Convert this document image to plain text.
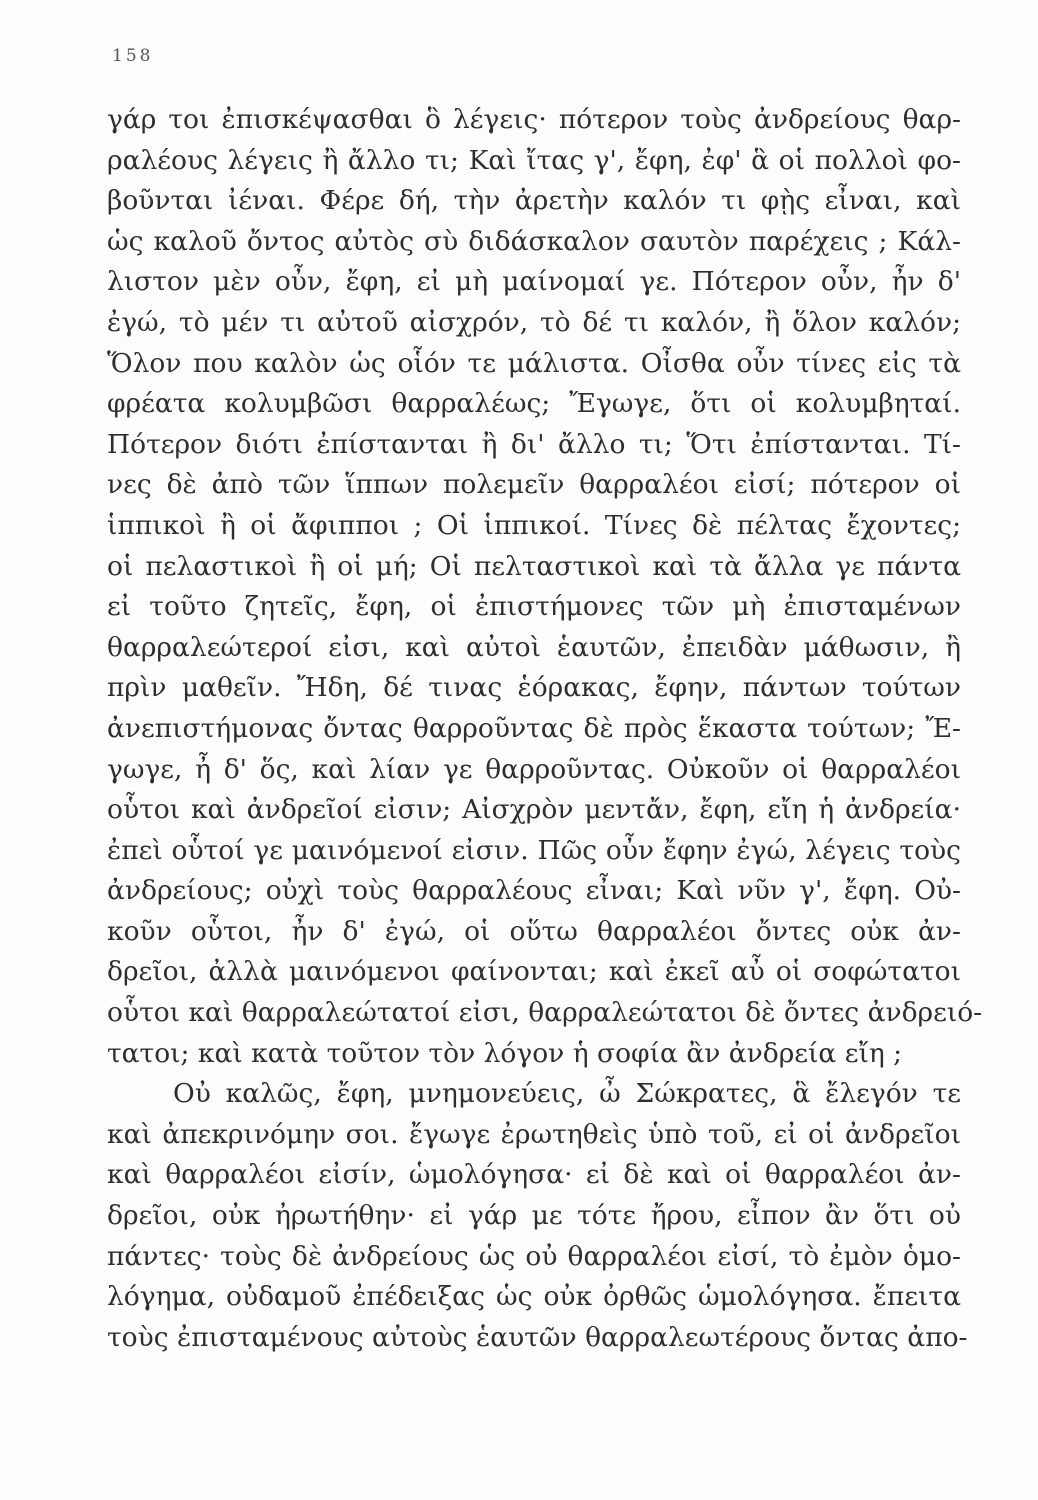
158
γάρ τοι ἐπισκέψασθαι ὃ λέγεις· πότερον τοὺς ἀνδρείους θαρ-
ραλέους λέγεις ἢ ἄλλο τι; Καὶ ἴτας γ', ἔφη, ἐφ' ἃ οἱ πολλοὶ φο-
βοῦνται ἰέναι. Φέρε δή, τὴν ἀρετὴν καλόν τι φῂς εἶναι, καὶ
ὡς καλοῦ ὄντος αὐτὸς σὺ διδάσκαλον σαυτὸν παρέχεις ; Κάλ-
λιστον μὲν οὖν, ἔφη, εἰ μὴ μαίνομαί γε. Πότερον οὖν, ἦν δ'
ἐγώ, τὸ μέν τι αὐτοῦ αἰσχρόν, τὸ δέ τι καλόν, ἢ ὅλον καλόν;
Ὅλον που καλὸν ὡς οἷόν τε μάλιστα. Οἶσθα οὖν τίνες εἰς τὰ
φρέατα κολυμβῶσι θαρραλέως; Ἔγωγε, ὅτι οἱ κολυμβηταί.
Πότερον διότι ἐπίστανται ἢ δι' ἄλλο τι; Ὅτι ἐπίστανται. Τί-
νες δὲ ἀπὸ τῶν ἵππων πολεμεῖν θαρραλέοι εἰσί; πότερον οἱ
ἱππικοὶ ἢ οἱ ἄφιπποι ; Οἱ ἱππικοί. Τίνες δὲ πέλτας ἔχοντες;
οἱ πελαστικοὶ ἢ οἱ μή; Οἱ πελταστικοὶ καὶ τὰ ἄλλα γε πάντα
εἰ τοῦτο ζητεῖς, ἔφη, οἱ ἐπιστήμονες τῶν μὴ ἐπισταμένων
θαρραλεώτεροί εἰσι, καὶ αὐτοὶ ἑαυτῶν, ἐπειδὰν μάθωσιν, ἢ
πρὶν μαθεῖν. Ἤδη, δέ τινας ἑόρακας, ἔφην, πάντων τούτων
ἀνεπιστήμονας ὄντας θαρροῦντας δὲ πρὸς ἕκαστα τούτων; Ἔ-
γωγε, ἦ δ' ὅς, καὶ λίαν γε θαρροῦντας. Οὐκοῦν οἱ θαρραλέοι
οὗτοι καὶ ἀνδρεῖοί εἰσιν; Αἰσχρὸν μεντἄν, ἔφη, εἴη ἡ ἀνδρεία·
ἐπεὶ οὗτοί γε μαινόμενοί εἰσιν. Πῶς οὖν ἔφην ἐγώ, λέγεις τοὺς
ἀνδρείους; οὐχὶ τοὺς θαρραλέους εἶναι; Καὶ νῦν γ', ἔφη. Οὐ-
κοῦν οὗτοι, ἦν δ' ἐγώ, οἱ οὕτω θαρραλέοι ὄντες οὐκ ἀν-
δρεῖοι, ἀλλὰ μαινόμενοι φαίνονται; καὶ ἐκεῖ αὖ οἱ σοφώτατοι
οὗτοι καὶ θαρραλεώτατοί εἰσι, θαρραλεώτατοι δὲ ὄντες ἀνδρειό-
τατοι; καὶ κατὰ τοῦτον τὸν λόγον ἡ σοφία ἂν ἀνδρεία εἴη ;
Οὐ καλῶς, ἔφη, μνημονεύεις, ὦ Σώκρατες, ἃ ἔλεγόν τε
καὶ ἀπεκρινόμην σοι. ἔγωγε ἐρωτηθεὶς ὑπὸ τοῦ, εἰ οἱ ἀνδρεῖοι
καὶ θαρραλέοι εἰσίν, ὡμολόγησα· εἰ δὲ καὶ οἱ θαρραλέοι ἀν-
δρεῖοι, οὐκ ἠρωτήθην· εἰ γάρ με τότε ἤρου, εἶπον ἂν ὅτι οὐ
πάντες· τοὺς δὲ ἀνδρείους ὡς οὐ θαρραλέοι εἰσί, τὸ ἐμὸν ὁμο-
λόγημα, οὐδαμοῦ ἐπέδειξας ὡς οὐκ ὀρθῶς ὡμολόγησα. ἔπειτα
τοὺς ἐπισταμένους αὐτοὺς ἑαυτῶν θαρραλεωτέρους ὄντας ἀπο-
